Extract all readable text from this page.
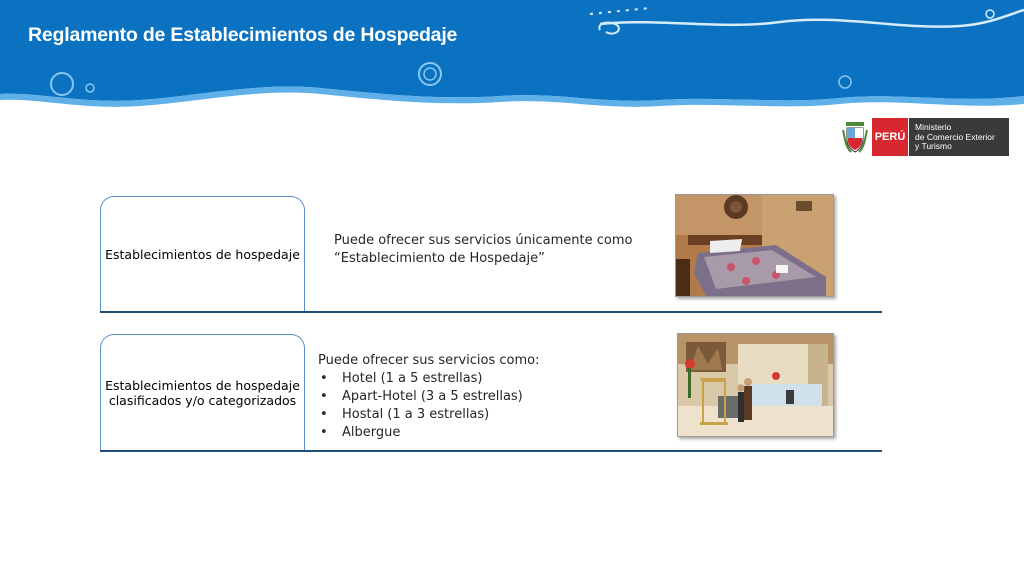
Reglamento de Establecimientos de Hospedaje
PERÚ
Ministerio
de Comercio Exterior
y Turismo
Establecimientos de hospedaje
Puede ofrecer sus servicios únicamente como
“Establecimiento de Hospedaje”
Establecimientos de hospedaje
clasificados y/o categorizados
Puede ofrecer sus servicios como:
• Hotel (1 a 5 estrellas)
• Apart-Hotel (3 a 5 estrellas)
• Hostal (1 a 3 estrellas)
• Albergue
